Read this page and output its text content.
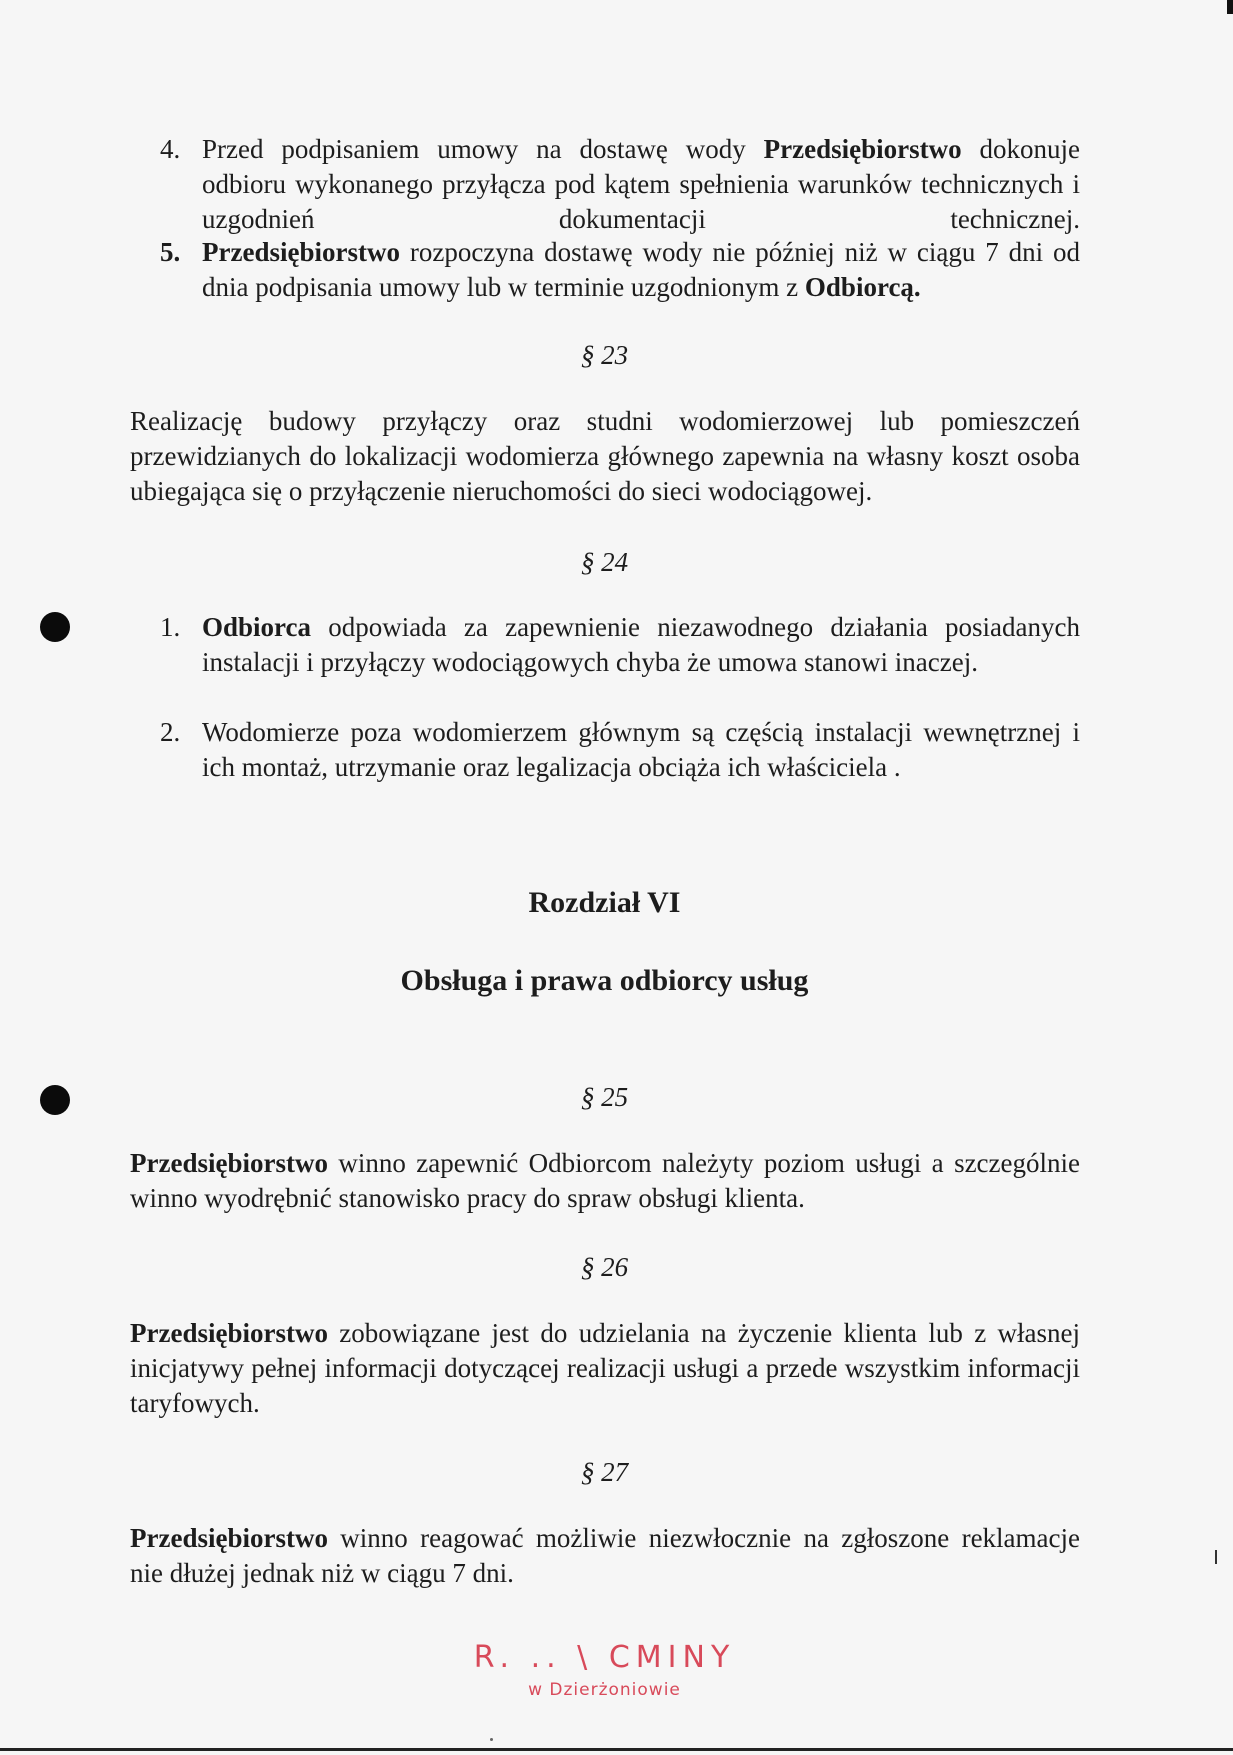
4. Przed podpisaniem umowy na dostawę wody Przedsiębiorstwo dokonuje odbioru wykonanego przyłącza pod kątem spełnienia warunków technicznych i uzgodnień dokumentacji technicznej.
5. Przedsiębiorstwo rozpoczyna dostawę wody nie później niż w ciągu 7 dni od dnia podpisania umowy lub w terminie uzgodnionym z Odbiorcą.
§ 23
Realizację budowy przyłączy oraz studni wodomierzowej lub pomieszczeń przewidzianych do lokalizacji wodomierza głównego zapewnia na własny koszt osoba ubiegająca się o przyłączenie nieruchomości do sieci wodociągowej.
§ 24
1. Odbiorca odpowiada za zapewnienie niezawodnego działania posiadanych instalacji i przyłączy wodociągowych chyba że umowa stanowi inaczej.
2. Wodomierze poza wodomierzem głównym są częścią instalacji wewnętrznej i ich montaż, utrzymanie oraz legalizacja obciąża ich właściciela .
Rozdział VI
Obsługa i prawa odbiorcy usług
§ 25
Przedsiębiorstwo winno zapewnić Odbiorcom należyty poziom usługi a szczególnie winno wyodrębnić stanowisko pracy do spraw obsługi klienta.
§ 26
Przedsiębiorstwo zobowiązane jest do udzielania na życzenie klienta lub z własnej inicjatywy pełnej informacji dotyczącej realizacji usługi a przede wszystkim informacji taryfowych.
§ 27
Przedsiębiorstwo winno reagować możliwie niezwłocznie na zgłoszone reklamacje nie dłużej jednak niż w ciągu 7 dni.
R. .. \ CMINY
w Dzierżoniowie
